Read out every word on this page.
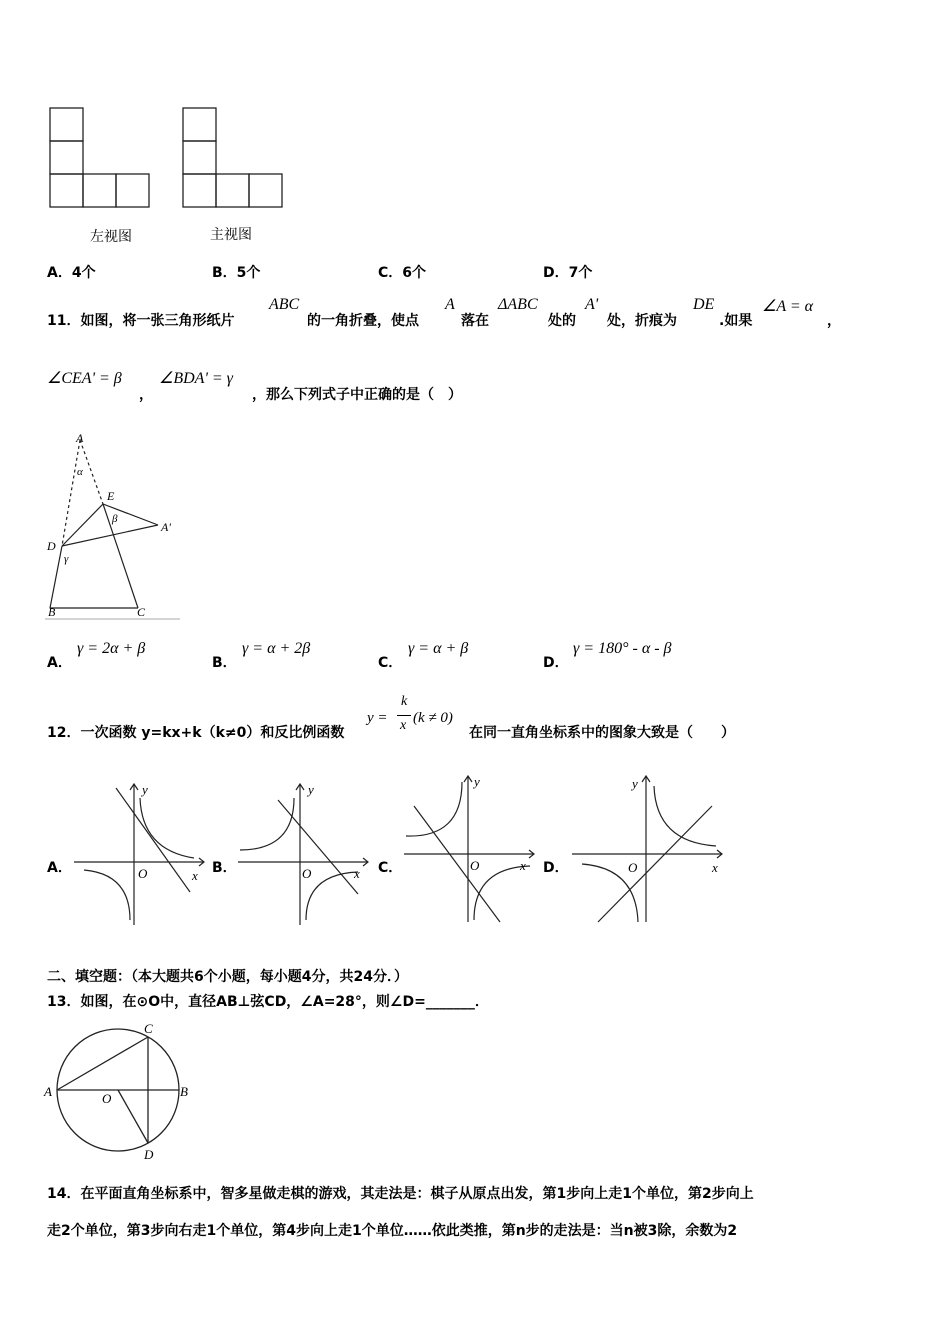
左视图	主视图
A．4个	B．5个	C．6个	D．7个
11．如图，将一张三角形纸片
ABC
的一角折叠，使点
A
落在
ΔABC
处的
A'
处，折痕为
DE
.如果
∠A = α
，
∠CEA' = β
，
∠BDA' = γ
，那么下列式子中正确的是（　）
A
α
E
β
A′
D
γ
B	C
A．
γ = 2α + β
B．
γ = α + 2β
C．
γ = α + β
D．
γ = 180° - α - β
12．一次函数 y=kx+k（k≠0）和反比例函数
y =
k
x (k ≠ 0)
在同一直角坐标系中的图象大致是（　　）
A．	B．	C．	D．
y
O	x
y
O	x
y
O	x
y
O	x
二、填空题：（本大题共6个小题，每小题4分，共24分．）
13．如图，在⊙O中，直径AB⊥弦CD，∠A=28°，则∠D=_______．
C
A	B
O
D
14．在平面直角坐标系中，智多星做走棋的游戏，其走法是：棋子从原点出发，第1步向上走1个单位，第2步向上
走2个单位，第3步向右走1个单位，第4步向上走1个单位……依此类推，第n步的走法是：当n被3除，余数为2
